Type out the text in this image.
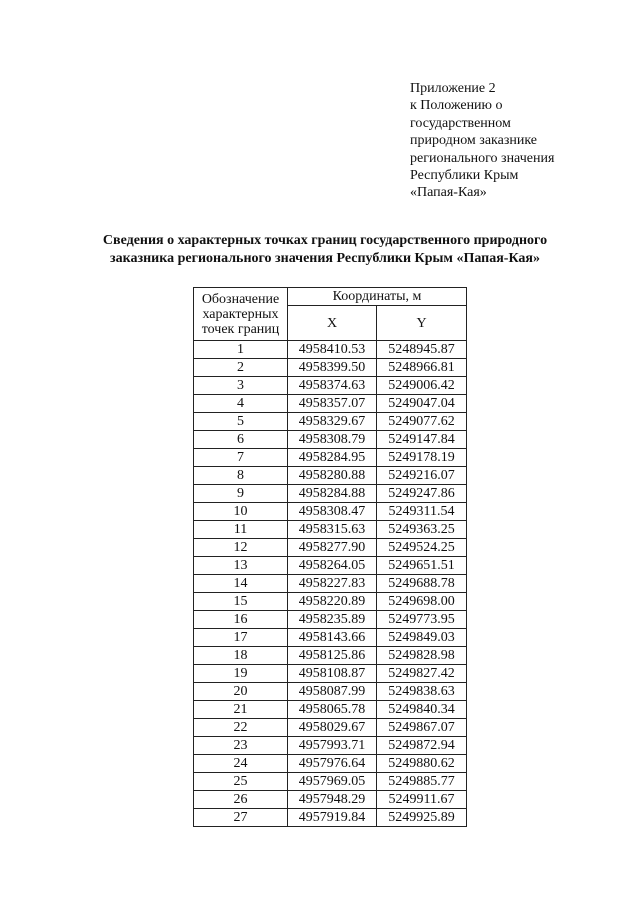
Приложение 2
к Положению о
государственном
природном заказнике
регионального значения
Республики Крым
«Папая-Кая»
Сведения о характерных точках границ государственного природного
заказника регионального значения Республики Крым «Папая-Кая»
Обозначение характерных точек границ	Координаты, м	
	X	Y
1	4958410.53	5248945.87
2	4958399.50	5248966.81
3	4958374.63	5249006.42
4	4958357.07	5249047.04
5	4958329.67	5249077.62
6	4958308.79	5249147.84
7	4958284.95	5249178.19
8	4958280.88	5249216.07
9	4958284.88	5249247.86
10	4958308.47	5249311.54
11	4958315.63	5249363.25
12	4958277.90	5249524.25
13	4958264.05	5249651.51
14	4958227.83	5249688.78
15	4958220.89	5249698.00
16	4958235.89	5249773.95
17	4958143.66	5249849.03
18	4958125.86	5249828.98
19	4958108.87	5249827.42
20	4958087.99	5249838.63
21	4958065.78	5249840.34
22	4958029.67	5249867.07
23	4957993.71	5249872.94
24	4957976.64	5249880.62
25	4957969.05	5249885.77
26	4957948.29	5249911.67
27	4957919.84	5249925.89
